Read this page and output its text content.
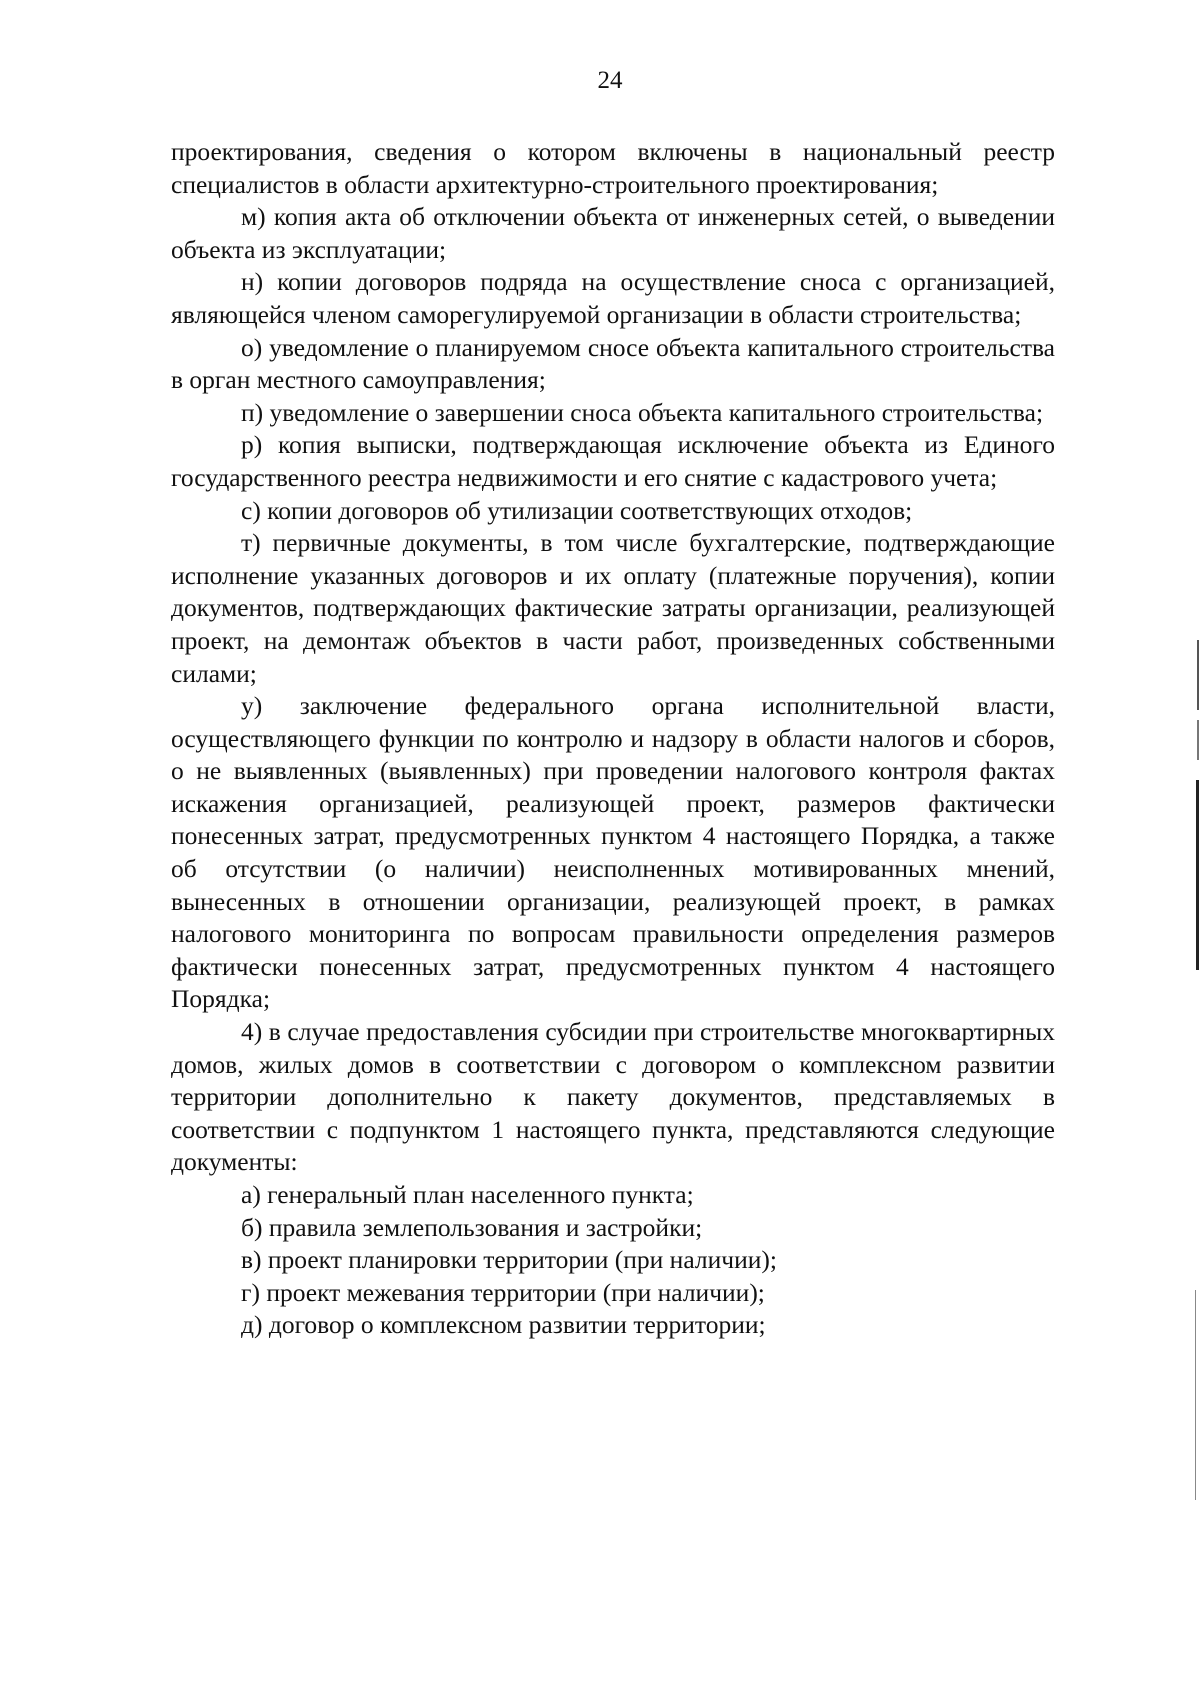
24

проектирования, сведения о котором включены в национальный реестр специалистов в области архитектурно-строительного проектирования;

м) копия акта об отключении объекта от инженерных сетей, о выведении объекта из эксплуатации;

н) копии договоров подряда на осуществление сноса с организацией, являющейся членом саморегулируемой организации в области строительства;

о) уведомление о планируемом сносе объекта капитального строительства в орган местного самоуправления;

п) уведомление о завершении сноса объекта капитального строительства;

р) копия выписки, подтверждающая исключение объекта из Единого государственного реестра недвижимости и его снятие с кадастрового учета;

с) копии договоров об утилизации соответствующих отходов;

т) первичные документы, в том числе бухгалтерские, подтверждающие исполнение указанных договоров и их оплату (платежные поручения), копии документов, подтверждающих фактические затраты организации, реализующей проект, на демонтаж объектов в части работ, произведенных собственными силами;

у) заключение федерального органа исполнительной власти, осуществляющего функции по контролю и надзору в области налогов и сборов, о не выявленных (выявленных) при проведении налогового контроля фактах искажения организацией, реализующей проект, размеров фактически понесенных затрат, предусмотренных пунктом 4 настоящего Порядка, а также об отсутствии (о наличии) неисполненных мотивированных мнений, вынесенных в отношении организации, реализующей проект, в рамках налогового мониторинга по вопросам правильности определения размеров фактически понесенных затрат, предусмотренных пунктом 4 настоящего Порядка;

4) в случае предоставления субсидии при строительстве многоквартирных домов, жилых домов в соответствии с договором о комплексном развитии территории дополнительно к пакету документов, представляемых в соответствии с подпунктом 1 настоящего пункта, представляются следующие документы:

а) генеральный план населенного пункта;

б) правила землепользования и застройки;

в) проект планировки территории (при наличии);

г) проект межевания территории (при наличии);

д) договор о комплексном развитии территории;
